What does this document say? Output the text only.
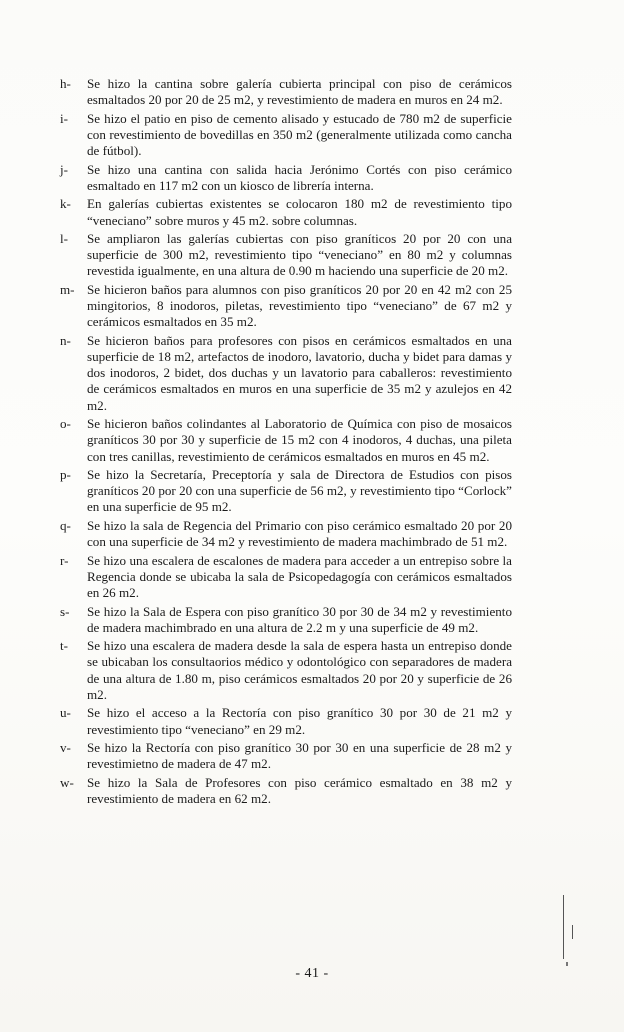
h-	Se hizo la cantina sobre galería cubierta principal con piso de cerámicos esmaltados 20 por 20 de 25 m2, y revestimiento de madera en muros en 24 m2.
i-	Se hizo el patio en piso de cemento alisado y estucado de 780 m2 de superficie con revestimiento de bovedillas en 350 m2 (generalmente utilizada como cancha de fútbol).
j-	Se hizo una cantina con salida hacia Jerónimo Cortés con piso cerámico esmaltado en 117 m2 con un kiosco de librería interna.
k-	En galerías cubiertas existentes se colocaron 180 m2 de revestimiento tipo “veneciano” sobre muros y 45 m2. sobre columnas.
l-	Se ampliaron las galerías cubiertas con piso graníticos 20 por 20 con una superficie de 300 m2, revestimiento tipo “veneciano” en 80 m2 y columnas revestida igualmente, en una altura de 0.90 m haciendo una superficie de 20 m2.
m- Se hicieron baños para alumnos con piso graníticos 20 por 20 en 42 m2 con 25 mingitorios, 8 inodoros, piletas, revestimiento tipo “veneciano” de 67 m2 y cerámicos esmaltados en 35 m2.
n-	Se hicieron baños para profesores con pisos en cerámicos esmaltados en una superficie de 18 m2, artefactos de inodoro, lavatorio, ducha y bidet para damas y dos inodoros, 2 bidet, dos duchas y un lavatorio para caballeros: revestimiento de cerámicos esmaltados en muros en una superficie de 35 m2 y azulejos en 42 m2.
o-	Se hicieron baños colindantes al Laboratorio de Química con piso de mosaicos graníticos 30 por 30 y superficie de 15 m2 con 4 inodoros, 4 duchas, una pileta con tres canillas, revestimiento de cerámicos esmaltados en muros en 45 m2.
p-	Se hizo la Secretaría, Preceptoría y sala de Directora de Estudios con pisos graníticos 20 por 20 con una superficie de 56 m2, y revestimiento tipo “Corlock” en una superficie de 95 m2.
q-	Se hizo la sala de Regencia del Primario con piso cerámico esmaltado 20 por 20 con una superficie de 34 m2 y revestimiento de madera machimbrado de 51 m2.
r-	Se hizo una escalera de escalones de madera para acceder a un entrepiso sobre la Regencia donde se ubicaba la sala de Psicopedagogía con cerámicos esmaltados en 26 m2.
s-	Se hizo la Sala de Espera con piso granítico 30 por 30 de 34 m2 y revestimiento de madera machimbrado en una altura de 2.2 m y una superficie de 49 m2.
t-	Se hizo una escalera de madera desde la sala de espera hasta un entrepiso donde se ubicaban los consultaorios médico y odontológico con separadores de madera de una altura de 1.80 m, piso cerámicos esmaltados 20 por 20 y superficie de 26 m2.
u-	Se hizo el acceso a la Rectoría con piso granítico 30 por 30 de 21 m2 y revestimiento tipo “veneciano” en 29 m2.
v-	Se hizo la Rectoría con piso granítico 30 por 30 en una superficie de 28 m2 y revestimietno de madera de 47 m2.
w-	Se hizo la Sala de Profesores con piso cerámico esmaltado en 38 m2 y revestimiento de madera en 62 m2.
- 41 -
